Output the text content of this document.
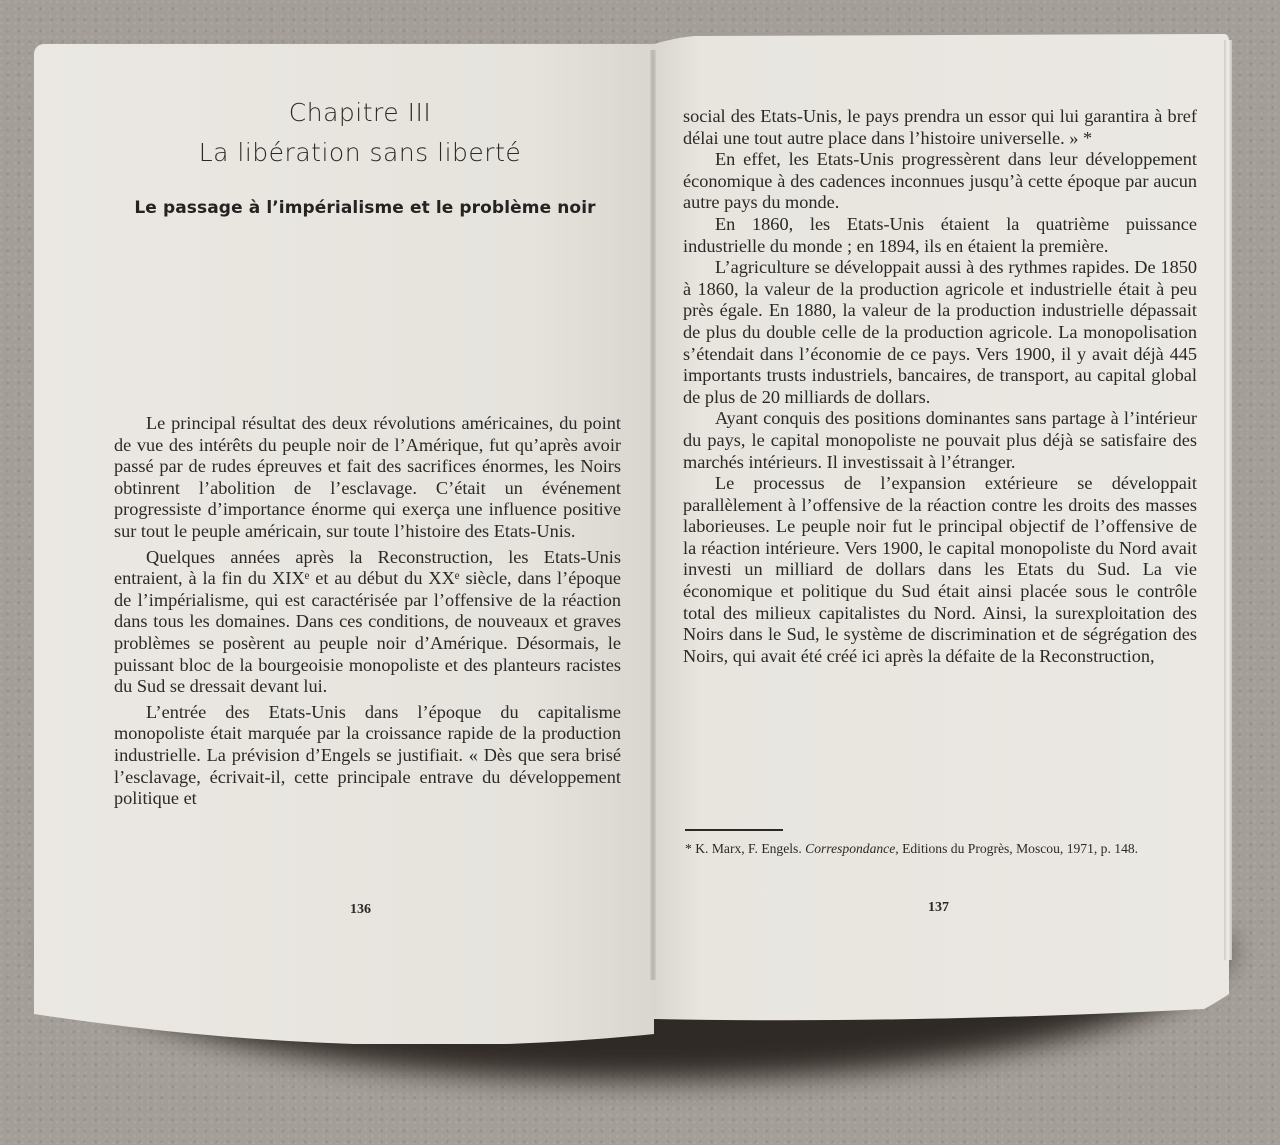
Chapitre III
La libération sans liberté
Le passage à l’impérialisme et le problème noir

Le principal résultat des deux révolutions américaines, du point de vue des intérêts du peuple noir de l’Amérique, fut qu’après avoir passé par de rudes épreuves et fait des sacrifices énormes, les Noirs obtinrent l’abolition de l’esclavage. C’était un événement progressiste d’importance énorme qui exerça une influence positive sur tout le peuple américain, sur toute l’histoire des Etats-Unis.

Quelques années après la Reconstruction, les Etats-Unis entraient, à la fin du XIXᵉ et au début du XXᵉ siècle, dans l’époque de l’impérialisme, qui est caractérisée par l’offensive de la réaction dans tous les domaines. Dans ces conditions, de nouveaux et graves problèmes se posèrent au peuple noir d’Amérique. Désormais, le puissant bloc de la bourgeoisie monopoliste et des planteurs racistes du Sud se dressait devant lui.

L’entrée des Etats-Unis dans l’époque du capitalisme monopoliste était marquée par la croissance rapide de la production industrielle. La prévision d’Engels se justifiait. « Dès que sera brisé l’esclavage, écrivait-il, cette principale entrave du développement politique et

136

social des Etats-Unis, le pays prendra un essor qui lui garantira à bref délai une tout autre place dans l’histoire universelle. » *

En effet, les Etats-Unis progressèrent dans leur développement économique à des cadences inconnues jusqu’à cette époque par aucun autre pays du monde.

En 1860, les Etats-Unis étaient la quatrième puissance industrielle du monde ; en 1894, ils en étaient la première.

L’agriculture se développait aussi à des rythmes rapides. De 1850 à 1860, la valeur de la production agricole et industrielle était à peu près égale. En 1880, la valeur de la production industrielle dépassait de plus du double celle de la production agricole. La monopolisation s’étendait dans l’économie de ce pays. Vers 1900, il y avait déjà 445 importants trusts industriels, bancaires, de transport, au capital global de plus de 20 milliards de dollars.

Ayant conquis des positions dominantes sans partage à l’intérieur du pays, le capital monopoliste ne pouvait plus déjà se satisfaire des marchés intérieurs. Il investissait à l’étranger.

Le processus de l’expansion extérieure se développait parallèlement à l’offensive de la réaction contre les droits des masses laborieuses. Le peuple noir fut le principal objectif de l’offensive de la réaction intérieure. Vers 1900, le capital monopoliste du Nord avait investi un milliard de dollars dans les Etats du Sud. La vie économique et politique du Sud était ainsi placée sous le contrôle total des milieux capitalistes du Nord. Ainsi, la surexploitation des Noirs dans le Sud, le système de discrimination et de ségrégation des Noirs, qui avait été créé ici après la défaite de la Reconstruction,

* K. Marx, F. Engels. Correspondance, Editions du Progrès, Moscou, 1971, p. 148.
137
